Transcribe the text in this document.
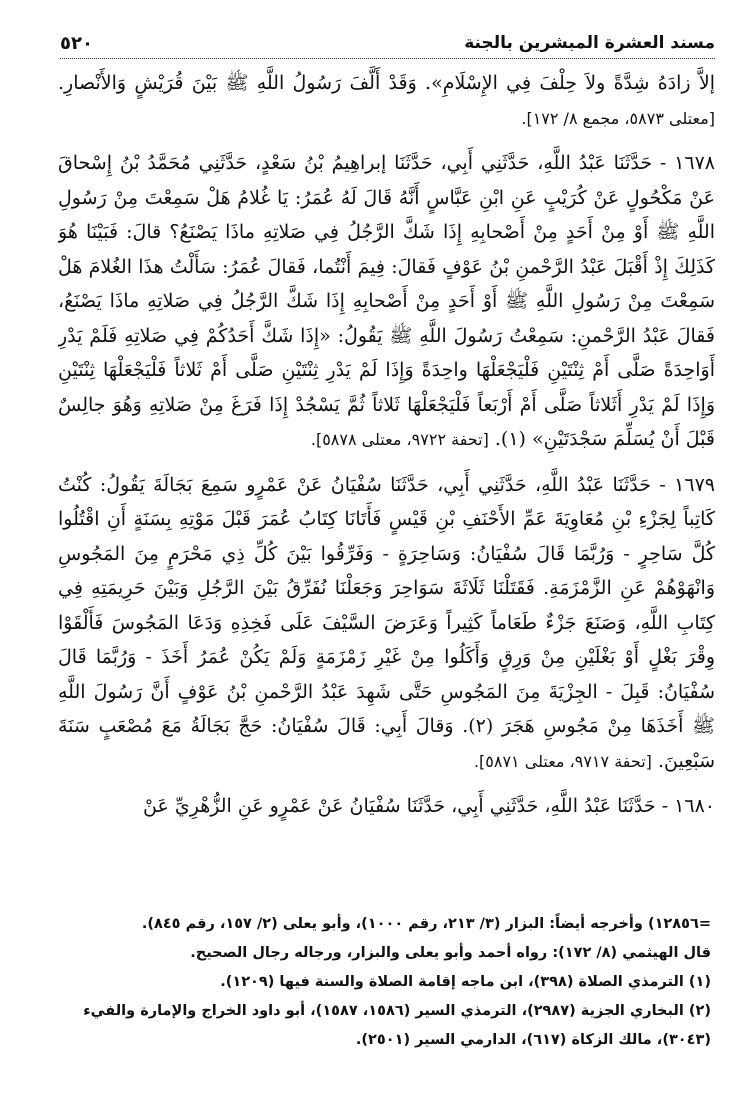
مسند العشرة المبشرين بالجنة
٥٢٠

إلاَّ زادَهُ شِدَّةً ولاَ حِلْفَ فِي الإِسْلَامِ». وَقَدْ أَلَّفَ رَسُولُ اللَّهِ ﷺ بَيْنَ قُرَيْشٍ وَالأَنْصارِ. [معتلى ٥٨٧٣، مجمع ٨/ ١٧٢].

١٦٧٨ - حَدَّثَنَا عَبْدُ اللَّهِ، حَدَّثَنِي أَبِي، حَدَّثَنَا إبراهِيمُ بْنُ سَعْدٍ، حَدَّثَنِي مُحَمَّدُ بْنُ إِسْحاقَ عَنْ مَكْحُولٍ عَنْ كُرَيْبٍ عَنِ ابْنِ عَبَّاسٍ أَنَّهُ قَالَ لَهُ عُمَرُ: يَا غُلامُ هَلْ سَمِعْتَ مِنْ رَسُولِ اللَّهِ ﷺ أَوْ مِنْ أَحَدٍ مِنْ أَصْحابِهِ إِذَا شَكَّ الرَّجُلُ فِي صَلاتِهِ ماذَا يَصْنَعُ؟ قالَ: فَبَيْنَا هُوَ كَذَلِكَ إِذْ أَقْبَلَ عَبْدُ الرَّحْمنِ بْنُ عَوْفٍ فَقالَ: فِيمَ أَنْتُما، فَقالَ عُمَرُ: سَأَلْتُ هذَا الغُلامَ هَلْ سَمِعْتَ مِنْ رَسُولِ اللَّهِ ﷺ أَوْ أَحَدٍ مِنْ أَصْحابِهِ إِذَا شَكَّ الرَّجُلُ فِي صَلاتِهِ ماذَا يَصْنَعُ، فَقالَ عَبْدُ الرَّحْمنِ: سَمِعْتُ رَسُولَ اللَّهِ ﷺ يَقُولُ: «إِذَا شَكَّ أَحَدُكُمْ فِي صَلاتِهِ فَلَمْ يَدْرِ أَوَاحِدَةً صَلَّى أَمْ ثِنْتَيْنِ فَلْيَجْعَلْهَا واحِدَةً وَإِذَا لَمْ يَدْرِ ثِنْتَيْنِ صَلَّى أَمْ ثَلاثاً فَلْيَجْعَلْهَا ثِنْتَيْنِ وَإِذَا لَمْ يَدْرِ أَثَلاثاً صَلَّى أَمْ أَرْبَعاً فَلْيَجْعَلْهَا ثَلاثاً ثُمَّ يَسْجُدْ إِذَا فَرَغَ مِنْ صَلاتِهِ وَهُوَ جالِسٌ قَبْلَ أَنْ يُسَلِّمَ سَجْدَتَيْنِ» (١). [تحفة ٩٧٢٢، معتلى ٥٨٧٨].

١٦٧٩ - حَدَّثَنَا عَبْدُ اللَّهِ، حَدَّثَنِي أَبِي، حَدَّثَنَا سُفْيَانُ عَنْ عَمْرٍو سَمِعَ بَجَالَةَ يَقُولُ: كُنْتُ كَاتِباً لِجَزْءِ بْنِ مُعَاوِيَةَ عَمِّ الأَحْنَفِ بْنِ قَيْسٍ فَأَتَانَا كِتَابُ عُمَرَ قَبْلَ مَوْتِهِ بِسَنَةٍ أَنِ اقْتُلُوا كُلَّ سَاحِرٍ - وَرُبَّمَا قَالَ سُفْيَانُ: وَسَاحِرَةٍ - وَفَرِّقُوا بَيْنَ كُلِّ ذِي مَحْرَمٍ مِنَ المَجُوسِ وَانْهَوْهُمْ عَنِ الزَّمْزَمَةِ. فَقَتَلْنَا ثَلَاثَةَ سَوَاحِرَ وَجَعَلْنَا نُفَرِّقُ بَيْنَ الرَّجُلِ وَبَيْنَ حَرِيمَتِهِ فِي كِتَابِ اللَّهِ، وَصَنَعَ جَزْءٌ طَعَاماً كَثِيراً وَعَرَضَ السَّيْفَ عَلَى فَخِذِهِ وَدَعَا المَجُوسَ فَأَلْقَوْا وِقْرَ بَغْلٍ أَوْ بَغْلَيْنِ مِنْ وَرِقٍ وَأَكَلُوا مِنْ غَيْرِ زَمْزَمَةٍ وَلَمْ يَكُنْ عُمَرُ أَخَذَ - وَرُبَّمَا قَالَ سُفْيَانُ: قَبِلَ - الجِزْيَةَ مِنَ المَجُوسِ حَتَّى شَهِدَ عَبْدُ الرَّحْمنِ بْنُ عَوْفٍ أَنَّ رَسُولَ اللَّهِ ﷺ أَخَذَهَا مِنْ مَجُوسِ هَجَرَ (٢). وَقالَ أَبِي: قَالَ سُفْيَانُ: حَجَّ بَجَالَةُ مَعَ مُصْعَبٍ سَنَةَ سَبْعِينَ. [تحفة ٩٧١٧، معتلى ٥٨٧١].

١٦٨٠ - حَدَّثَنَا عَبْدُ اللَّهِ، حَدَّثَنِي أَبِي، حَدَّثَنَا سُفْيَانُ عَنْ عَمْرٍو عَنِ الزُّهْرِيِّ عَنْ

=١٢٨٥٦) وأخرجه أيضاً: البزار (٣/ ٢١٣، رقم ١٠٠٠)، وأبو يعلى (٢/ ١٥٧، رقم ٨٤٥).

قال الهيثمي (٨/ ١٧٢): رواه أحمد وأبو يعلى والبزار، ورجاله رجال الصحيح.

(١) الترمذي الصلاة (٣٩٨)، ابن ماجه إقامة الصلاة والسنة فيها (١٢٠٩).

(٢) البخاري الجزية (٢٩٨٧)، الترمذي السير (١٥٨٦، ١٥٨٧)، أبو داود الخراج والإمارة والفيء (٣٠٤٣)، مالك الزكاة (٦١٧)، الدارمي السير (٢٥٠١).
